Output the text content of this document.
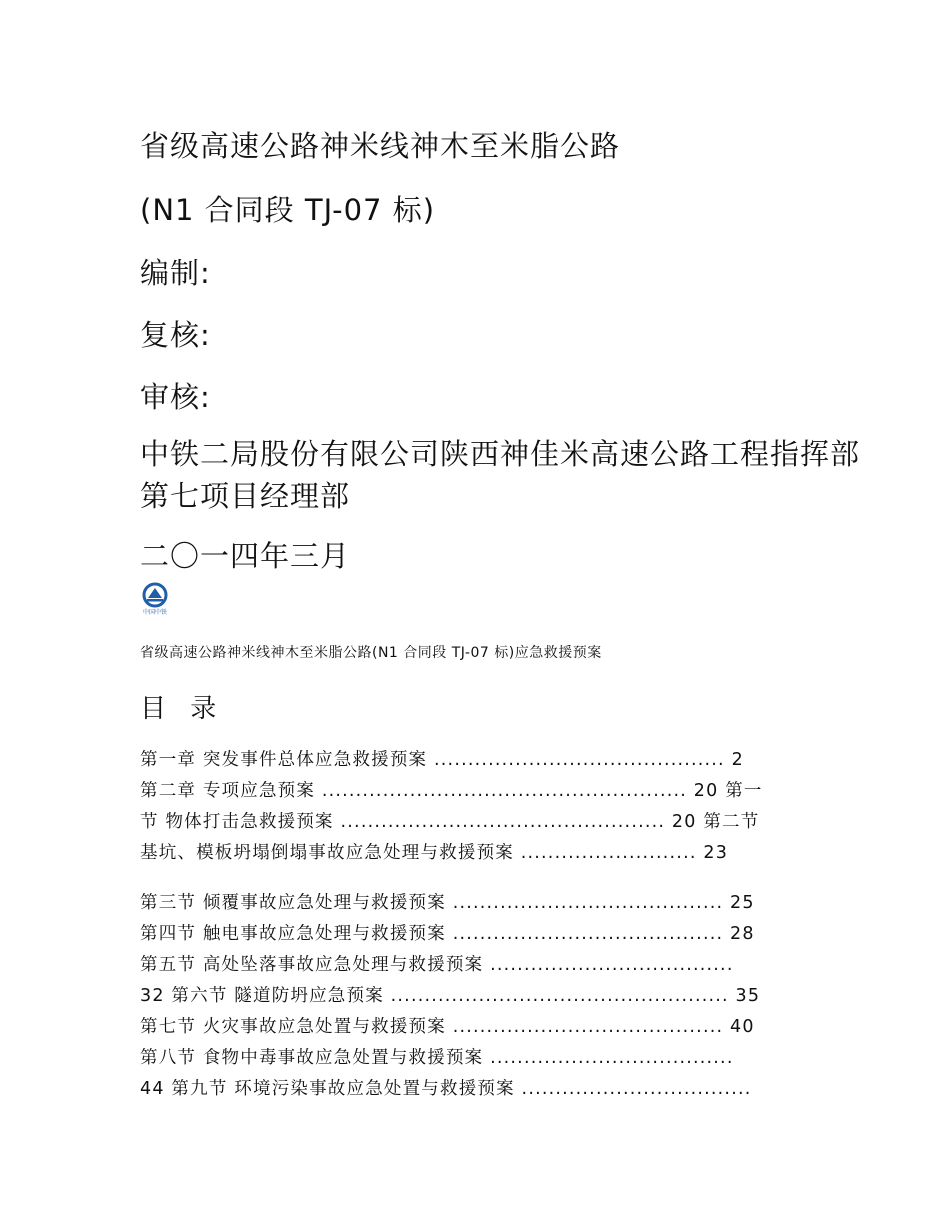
省级高速公路神米线神木至米脂公路
(N1 合同段 TJ-07 标)
编制:
复核:
审核:
中铁二局股份有限公司陕西神佳米高速公路工程指挥部
第七项目经理部
二〇一四年三月
中国中铁
省级高速公路神米线神木至米脂公路(N1 合同段 TJ-07 标)应急救援预案
目 录
第一章 突发事件总体应急救援预案 ........................................... 2
第二章 专项应急预案 ...................................................... 20 第一
节 物体打击急救援预案 ................................................ 20 第二节
基坑、模板坍塌倒塌事故应急处理与救援预案 .......................... 23
第三节 倾覆事故应急处理与救援预案 ........................................ 25
第四节 触电事故应急处理与救援预案 ........................................ 28
第五节 高处坠落事故应急处理与救援预案 ....................................
32 第六节 隧道防坍应急预案 .................................................. 35
第七节 火灾事故应急处置与救援预案 ........................................ 40
第八节 食物中毒事故应急处置与救援预案 ....................................
44 第九节 环境污染事故应急处置与救援预案 ..................................
